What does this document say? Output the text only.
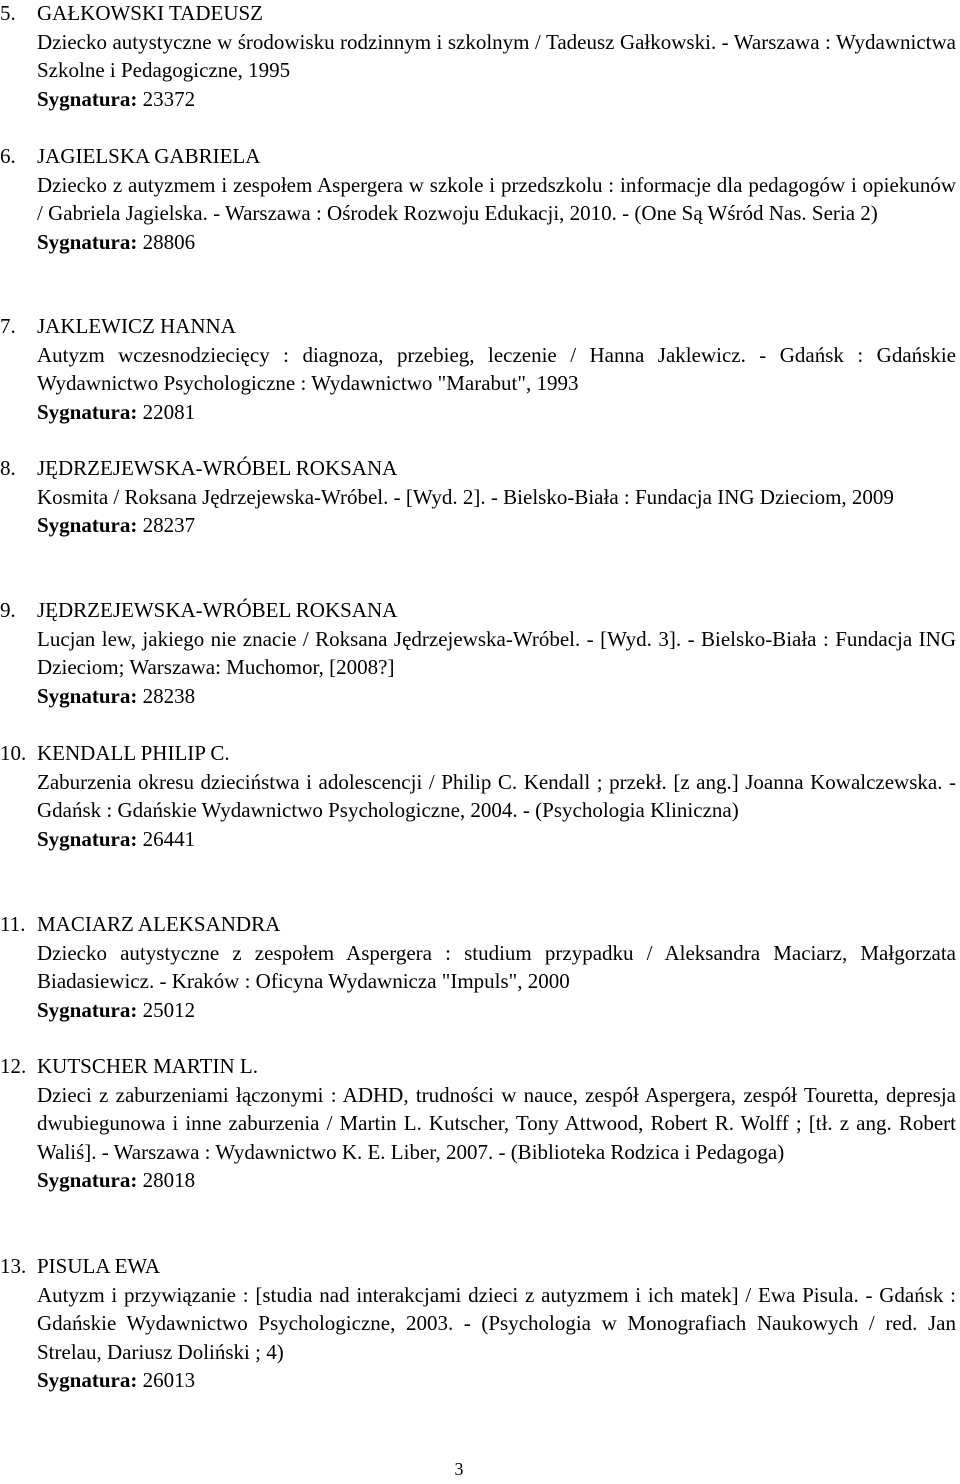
5. GAŁKOWSKI TADEUSZ
Dziecko autystyczne w środowisku rodzinnym i szkolnym / Tadeusz Gałkowski. - Warszawa : Wydawnictwa Szkolne i Pedagogiczne, 1995
Sygnatura: 23372
6. JAGIELSKA GABRIELA
Dziecko z autyzmem i zespołem Aspergera w szkole i przedszkolu : informacje dla pedagogów i opiekunów / Gabriela Jagielska. - Warszawa : Ośrodek Rozwoju Edukacji, 2010. - (One Są Wśród Nas. Seria 2)
Sygnatura: 28806
7. JAKLEWICZ HANNA
Autyzm wczesnodziecięcy : diagnoza, przebieg, leczenie / Hanna Jaklewicz. - Gdańsk : Gdańskie Wydawnictwo Psychologiczne : Wydawnictwo "Marabut", 1993
Sygnatura: 22081
8. JĘDRZEJEWSKA-WRÓBEL ROKSANA
Kosmita / Roksana Jędrzejewska-Wróbel. - [Wyd. 2]. - Bielsko-Biała : Fundacja ING Dzieciom, 2009
Sygnatura: 28237
9. JĘDRZEJEWSKA-WRÓBEL ROKSANA
Lucjan lew, jakiego nie znacie / Roksana Jędrzejewska-Wróbel. - [Wyd. 3]. - Bielsko-Biała : Fundacja ING Dzieciom; Warszawa: Muchomor, [2008?]
Sygnatura: 28238
10. KENDALL PHILIP C.
Zaburzenia okresu dzieciństwa i adolescencji / Philip C. Kendall ; przekł. [z ang.] Joanna Kowalczewska. - Gdańsk : Gdańskie Wydawnictwo Psychologiczne, 2004. - (Psychologia Kliniczna)
Sygnatura: 26441
11. MACIARZ ALEKSANDRA
Dziecko autystyczne z zespołem Aspergera : studium przypadku / Aleksandra Maciarz, Małgorzata Biadasiewicz. - Kraków : Oficyna Wydawnicza "Impuls", 2000
Sygnatura: 25012
12. KUTSCHER MARTIN L.
Dzieci z zaburzeniami łączonymi : ADHD, trudności w nauce, zespół Aspergera, zespół Touretta, depresja dwubiegunowa i inne zaburzenia / Martin L. Kutscher, Tony Attwood, Robert R. Wolff ; [tł. z ang. Robert Waliś]. - Warszawa : Wydawnictwo K. E. Liber, 2007. - (Biblioteka Rodzica i Pedagoga)
Sygnatura: 28018
13. PISULA EWA
Autyzm i przywiązanie : [studia nad interakcjami dzieci z autyzmem i ich matek] / Ewa Pisula. - Gdańsk : Gdańskie Wydawnictwo Psychologiczne, 2003. - (Psychologia w Monografiach Naukowych / red. Jan Strelau, Dariusz Doliński ; 4)
Sygnatura: 26013
3
